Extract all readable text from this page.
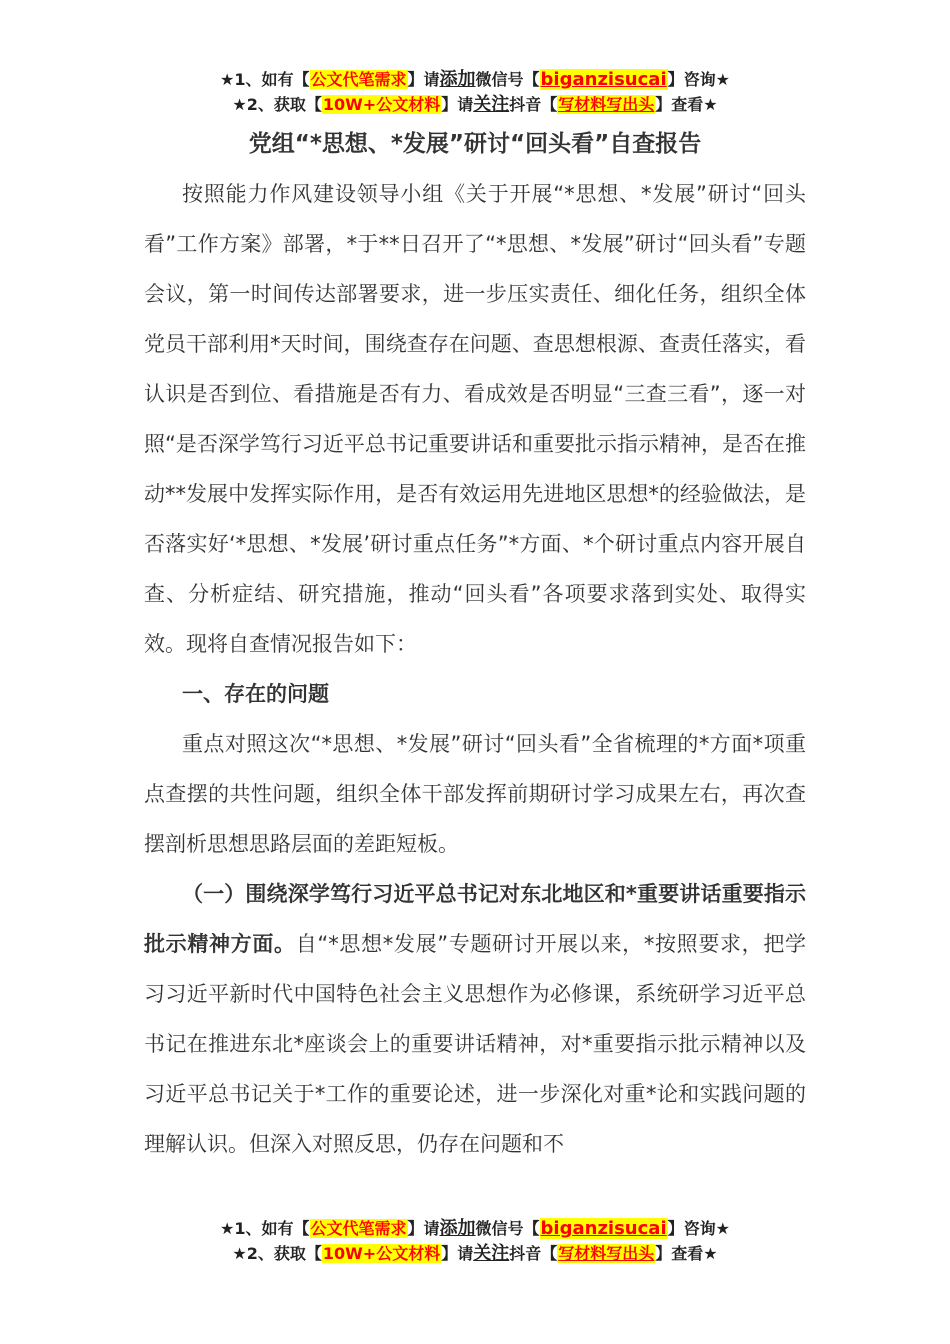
★1、如有【公文代笔需求】请添加微信号【biganzisucai】咨询★
★2、获取【10W+公文材料】请关注抖音【写材料写出头】查看★
党组“*思想、*发展”研讨“回头看”自查报告

按照能力作风建设领导小组《关于开展“*思想、*发展”研讨“回头看”工作方案》部署，*于**日召开了“*思想、*发展”研讨“回头看”专题会议，第一时间传达部署要求，进一步压实责任、细化任务，组织全体党员干部利用*天时间，围绕查存在问题、查思想根源、查责任落实，看认识是否到位、看措施是否有力、看成效是否明显“三查三看”，逐一对照“是否深学笃行习近平总书记重要讲话和重要批示指示精神，是否在推动**发展中发挥实际作用，是否有效运用先进地区思想*的经验做法，是否落实好‘*思想、*发展’研讨重点任务”*方面、*个研讨重点内容开展自查、分析症结、研究措施，推动“回头看”各项要求落到实处、取得实效。现将自查情况报告如下：

一、存在的问题

重点对照这次“*思想、*发展”研讨“回头看”全省梳理的*方面*项重点查摆的共性问题，组织全体干部发挥前期研讨学习成果左右，再次查摆剖析思想思路层面的差距短板。

（一）围绕深学笃行习近平总书记对东北地区和*重要讲话重要指示批示精神方面。自“*思想*发展”专题研讨开展以来，*按照要求，把学习习近平新时代中国特色社会主义思想作为必修课，系统研学习近平总书记在推进东北*座谈会上的重要讲话精神，对*重要指示批示精神以及习近平总书记关于*工作的重要论述，进一步深化对重*论和实践问题的理解认识。但深入对照反思，仍存在问题和不

★1、如有【公文代笔需求】请添加微信号【biganzisucai】咨询★
★2、获取【10W+公文材料】请关注抖音【写材料写出头】查看★
